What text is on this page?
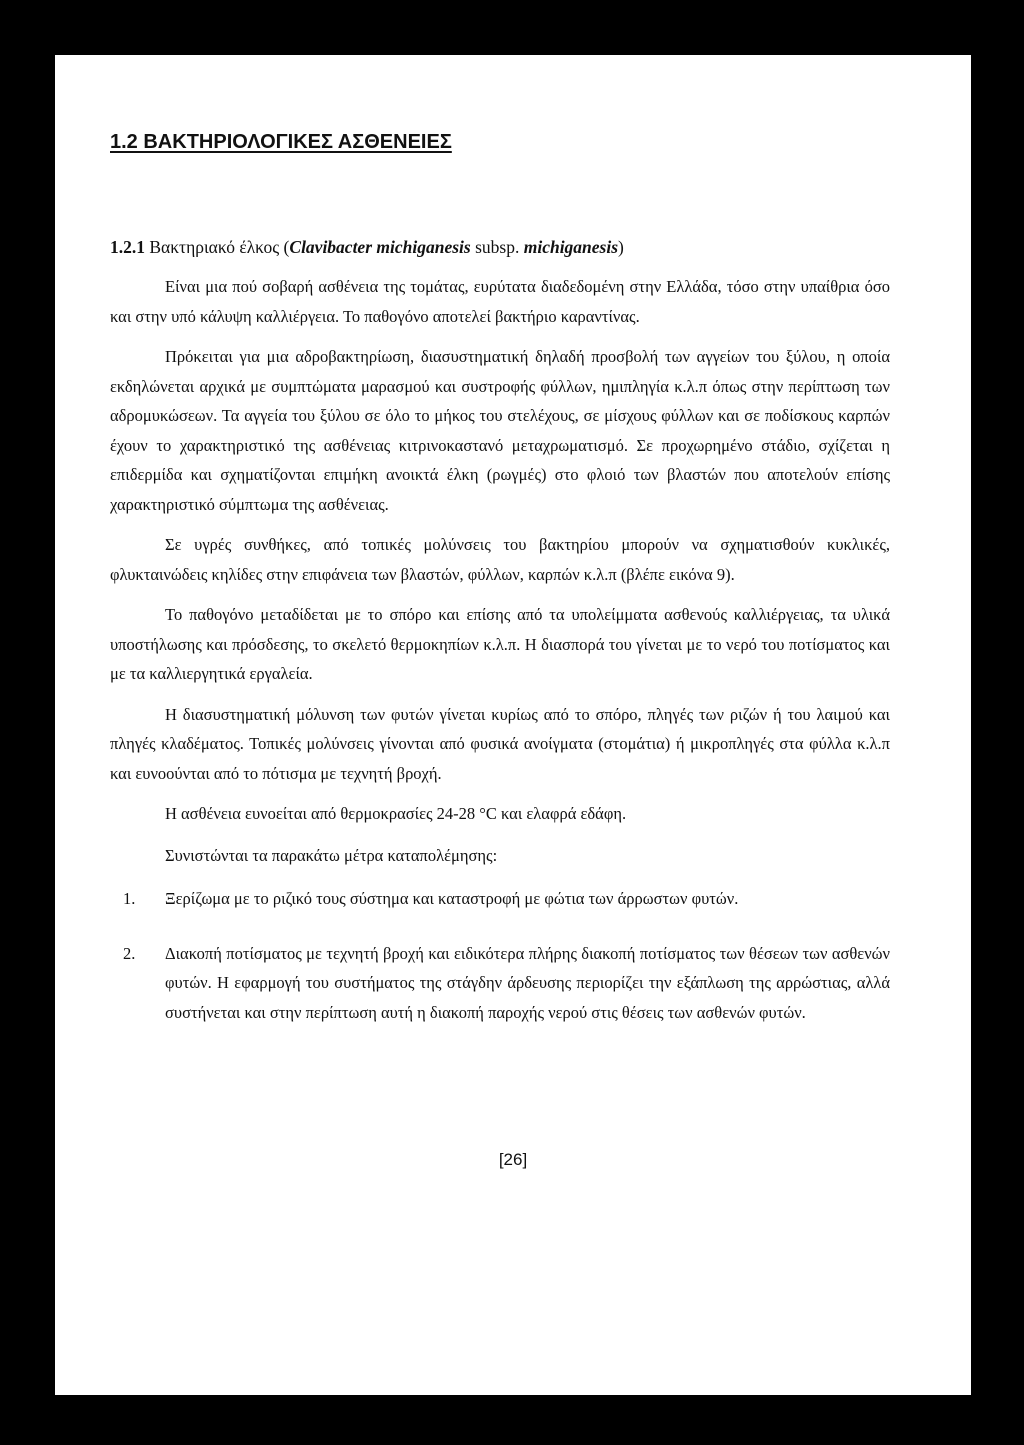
1.2 ΒΑΚΤΗΡΙΟΛΟΓΙΚΕΣ ΑΣΘΕΝΕΙΕΣ
1.2.1 Βακτηριακό έλκος (Clavibacter michiganesis subsp. michiganesis)

Είναι μια πού σοβαρή ασθένεια της τομάτας, ευρύτατα διαδεδομένη στην Ελλάδα, τόσο στην υπαίθρια όσο και στην υπό κάλυψη καλλιέργεια. Το παθογόνο αποτελεί βακτήριο καραντίνας.

Πρόκειται για μια αδροβακτηρίωση, διασυστηματική δηλαδή προσβολή των αγγείων του ξύλου, η οποία εκδηλώνεται αρχικά με συμπτώματα μαρασμού και συστροφής φύλλων, ημιπληγία κ.λ.π όπως στην περίπτωση των αδρομυκώσεων. Τα αγγεία του ξύλου σε όλο το μήκος του στελέχους, σε μίσχους φύλλων και σε ποδίσκους καρπών έχουν το χαρακτηριστικό της ασθένειας κιτρινοκαστανό μεταχρωματισμό. Σε προχωρημένο στάδιο, σχίζεται η επιδερμίδα και σχηματίζονται επιμήκη ανοικτά έλκη (ρωγμές) στο φλοιό των βλαστών που αποτελούν επίσης χαρακτηριστικό σύμπτωμα της ασθένειας.

Σε υγρές συνθήκες, από τοπικές μολύνσεις του βακτηρίου μπορούν να σχηματισθούν κυκλικές, φλυκταινώδεις κηλίδες στην επιφάνεια των βλαστών, φύλλων, καρπών κ.λ.π (βλέπε εικόνα 9).

Το παθογόνο μεταδίδεται με το σπόρο και επίσης από τα υπολείμματα ασθενούς καλλιέργειας, τα υλικά υποστήλωσης και πρόσδεσης, το σκελετό θερμοκηπίων κ.λ.π. Η διασπορά του γίνεται με το νερό του ποτίσματος και με τα καλλιεργητικά εργαλεία.

Η διασυστηματική μόλυνση των φυτών γίνεται κυρίως από το σπόρο, πληγές των ριζών ή του λαιμού και πληγές κλαδέματος. Τοπικές μολύνσεις γίνονται από φυσικά ανοίγματα (στομάτια) ή μικροπληγές στα φύλλα κ.λ.π και ευνοούνται από το πότισμα με τεχνητή βροχή.

Η ασθένεια ευνοείται από θερμοκρασίες 24-28 °C και ελαφρά εδάφη.

Συνιστώνται τα παρακάτω μέτρα καταπολέμησης:

1. Ξερίζωμα με το ριζικό τους σύστημα και καταστροφή με φώτια των άρρωστων φυτών.
2. Διακοπή ποτίσματος με τεχνητή βροχή και ειδικότερα πλήρης διακοπή ποτίσματος των θέσεων των ασθενών φυτών. Η εφαρμογή του συστήματος της στάγδην άρδευσης περιορίζει την εξάπλωση της αρρώστιας, αλλά συστήνεται και στην περίπτωση αυτή η διακοπή παροχής νερού στις θέσεις των ασθενών φυτών.
[26]
